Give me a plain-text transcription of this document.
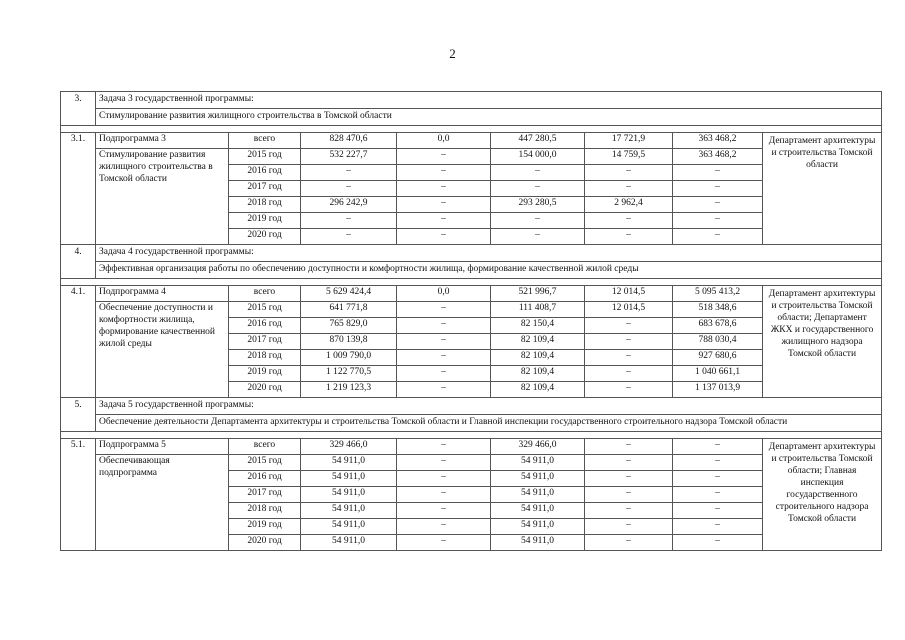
2
3.	Задача 3 государственной программы:							
	Стимулирование развития жилищного строительства в Томской области							

3.1.	Подпрограмма 3	всего	828 470,6	0,0	447 280,5	17 721,9	363 468,2	Департамент архитектуры и строительства Томской области
	Стимулирование развития жилищного строительства в Томской области	2015 год	532 227,7	–	154 000,0	14 759,5	363 468,2	
		2016 год	–	–	–	–	–	
		2017 год	–	–	–	–	–	
		2018 год	296 242,9	–	293 280,5	2 962,4	–	
		2019 год	–	–	–	–	–	
		2020 год	–	–	–	–	–	
4.	Задача 4 государственной программы:							
	Эффективная организация работы по обеспечению доступности и комфортности жилища, формирование качественной жилой среды							

4.1.	Подпрограмма 4	всего	5 629 424,4	0,0	521 996,7	12 014,5	5 095 413,2	Департамент архитектуры и строительства Томской области; Департамент ЖКХ и государственного жилищного надзора Томской области
	Обеспечение доступности и комфортности жилища, формирование качественной жилой среды	2015 год	641 771,8	–	111 408,7	12 014,5	518 348,6	
		2016 год	765 829,0	–	82 150,4	–	683 678,6	
		2017 год	870 139,8	–	82 109,4	–	788 030,4	
		2018 год	1 009 790,0	–	82 109,4	–	927 680,6	
		2019 год	1 122 770,5	–	82 109,4	–	1 040 661,1	
		2020 год	1 219 123,3	–	82 109,4	–	1 137 013,9	
5.	Задача 5 государственной программы:							
	Обеспечение деятельности Департамента архитектуры и строительства Томской области и Главной инспекции государственного строительного надзора Томской области							

5.1.	Подпрограмма 5	всего	329 466,0	–	329 466,0	–	–	Департамент архитектуры и строительства Томской области; Главная инспекция государственного строительного надзора Томской области
	Обеспечивающая подпрограмма	2015 год	54 911,0	–	54 911,0	–	–	
		2016 год	54 911,0	–	54 911,0	–	–	
		2017 год	54 911,0	–	54 911,0	–	–	
		2018 год	54 911,0	–	54 911,0	–	–	
		2019 год	54 911,0	–	54 911,0	–	–	
		2020 год	54 911,0	–	54 911,0	–	–	
